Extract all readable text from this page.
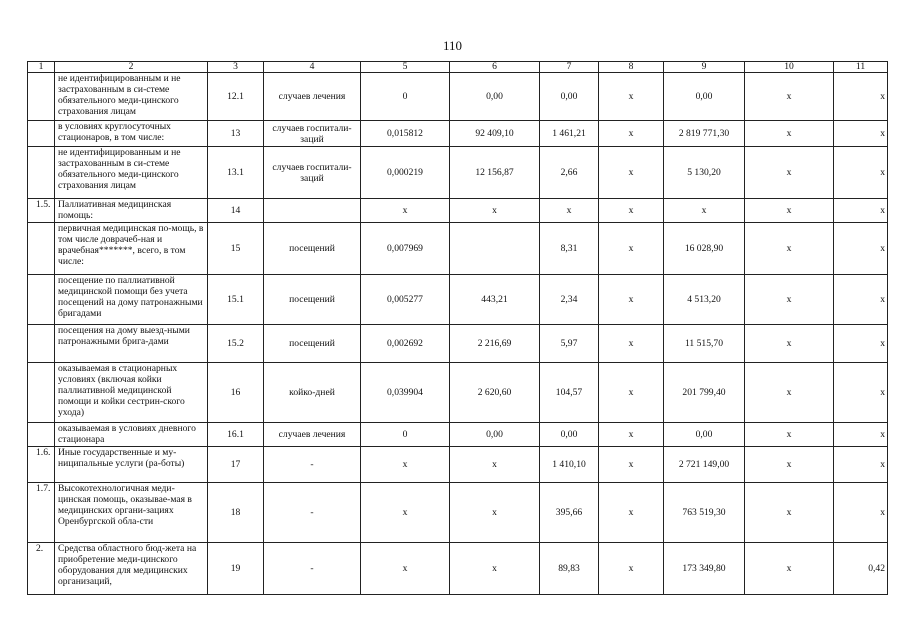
110
1	2	3	4	5	6	7	8	9	10	11
	не идентифицированным и не застрахованным в си-стеме обязательного меди-цинского страхования лицам	12.1	случаев лечения	0	0,00	0,00	х	0,00	х	х
	в условиях круглосуточных стационаров, в том числе:	13	случаев госпитали-заций	0,015812	92 409,10	1 461,21	х	2 819 771,30	х	х
	не идентифицированным и не застрахованным в си-стеме обязательного меди-цинского страхования лицам	13.1	случаев госпитали-заций	0,000219	12 156,87	2,66	х	5 130,20	х	х
1.5.	Паллиативная медицинская помощь:	14		х	х	х	х	х	х	х
	первичная медицинская по-мощь, в том числе доврачеб-ная и врачебная*******, всего, в том числе:	15	посещений	0,007969		8,31	х	16 028,90	х	х
	посещение по паллиативной медицинской помощи без учета посещений на дому патронажными бригадами	15.1	посещений	0,005277	443,21	2,34	х	4 513,20	х	х
	посещения на дому выезд-ными патронажными брига-дами	15.2	посещений	0,002692	2 216,69	5,97	х	11 515,70	х	х
	оказываемая в стационарных условиях (включая койки паллиативной медицинской помощи и койки сестрин-ского ухода)	16	койко-дней	0,039904	2 620,60	104,57	х	201 799,40	х	х
	оказываемая в условиях дневного стационара	16.1	случаев лечения	0	0,00	0,00	х	0,00	х	х
1.6.	Иные государственные и му-ниципальные услуги (ра-боты)	17	-	х	х	1 410,10	х	2 721 149,00	х	х
1.7.	Высокотехнологичная меди-цинская помощь, оказывае-мая в медицинских органи-зациях Оренбургской обла-сти	18	-	х	х	395,66	х	763 519,30	х	х
2.	Средства областного бюд-жета на приобретение меди-цинского оборудования для медицинских организаций,	19	-	х	х	89,83	х	173 349,80	х	0,42
